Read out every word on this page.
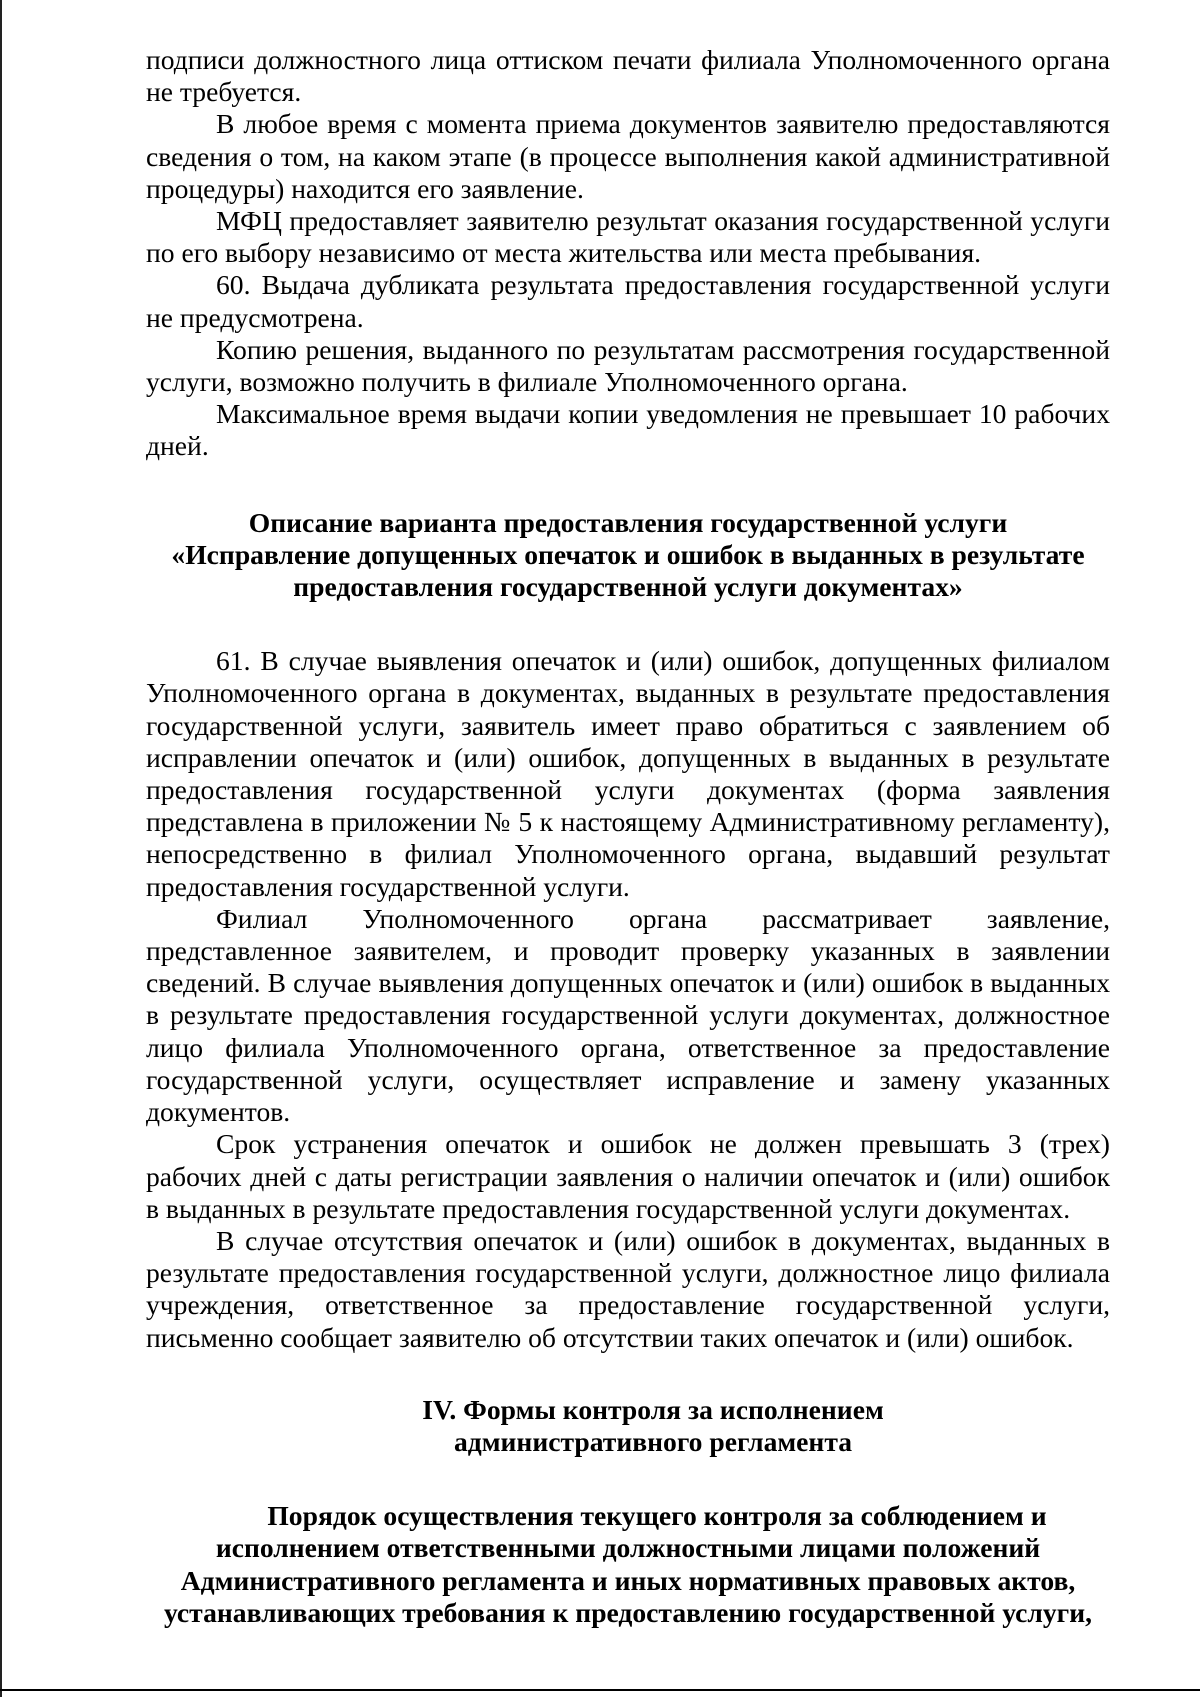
подписи должностного лица оттиском печати филиала Уполномоченного органа не требуется.

В любое время с момента приема документов заявителю предоставляются сведения о том, на каком этапе (в процессе выполнения какой административной процедуры) находится его заявление.

МФЦ предоставляет заявителю результат оказания государственной услуги по его выбору независимо от места жительства или места пребывания.

60. Выдача дубликата результата предоставления государственной услуги не предусмотрена.

Копию решения, выданного по результатам рассмотрения государственной услуги, возможно получить в филиале Уполномоченного органа.

Максимальное время выдачи копии уведомления не превышает 10 рабочих дней.

Описание варианта предоставления государственной услуги
«Исправление допущенных опечаток и ошибок в выданных в результате
предоставления государственной услуги документах»

61. В случае выявления опечаток и (или) ошибок, допущенных филиалом Уполномоченного органа в документах, выданных в результате предоставления государственной услуги, заявитель имеет право обратиться с заявлением об исправлении опечаток и (или) ошибок, допущенных в выданных в результате предоставления государственной услуги документах (форма заявления представлена в приложении № 5 к настоящему Административному регламенту), непосредственно в филиал Уполномоченного органа, выдавший результат предоставления государственной услуги.

Филиал Уполномоченного органа рассматривает заявление, представленное заявителем, и проводит проверку указанных в заявлении сведений. В случае выявления допущенных опечаток и (или) ошибок в выданных в результате предоставления государственной услуги документах, должностное лицо филиала Уполномоченного органа, ответственное за предоставление государственной услуги, осуществляет исправление и замену указанных документов.

Срок устранения опечаток и ошибок не должен превышать 3 (трех) рабочих дней с даты регистрации заявления о наличии опечаток и (или) ошибок в выданных в результате предоставления государственной услуги документах.

В случае отсутствия опечаток и (или) ошибок в документах, выданных в результате предоставления государственной услуги, должностное лицо филиала учреждения, ответственное за предоставление государственной услуги, письменно сообщает заявителю об отсутствии таких опечаток и (или) ошибок.

IV. Формы контроля за исполнением
административного регламента
Порядок осуществления текущего контроля за соблюдением и
исполнением ответственными должностными лицами положений
Административного регламента и иных нормативных правовых актов,
устанавливающих требования к предоставлению государственной услуги,
